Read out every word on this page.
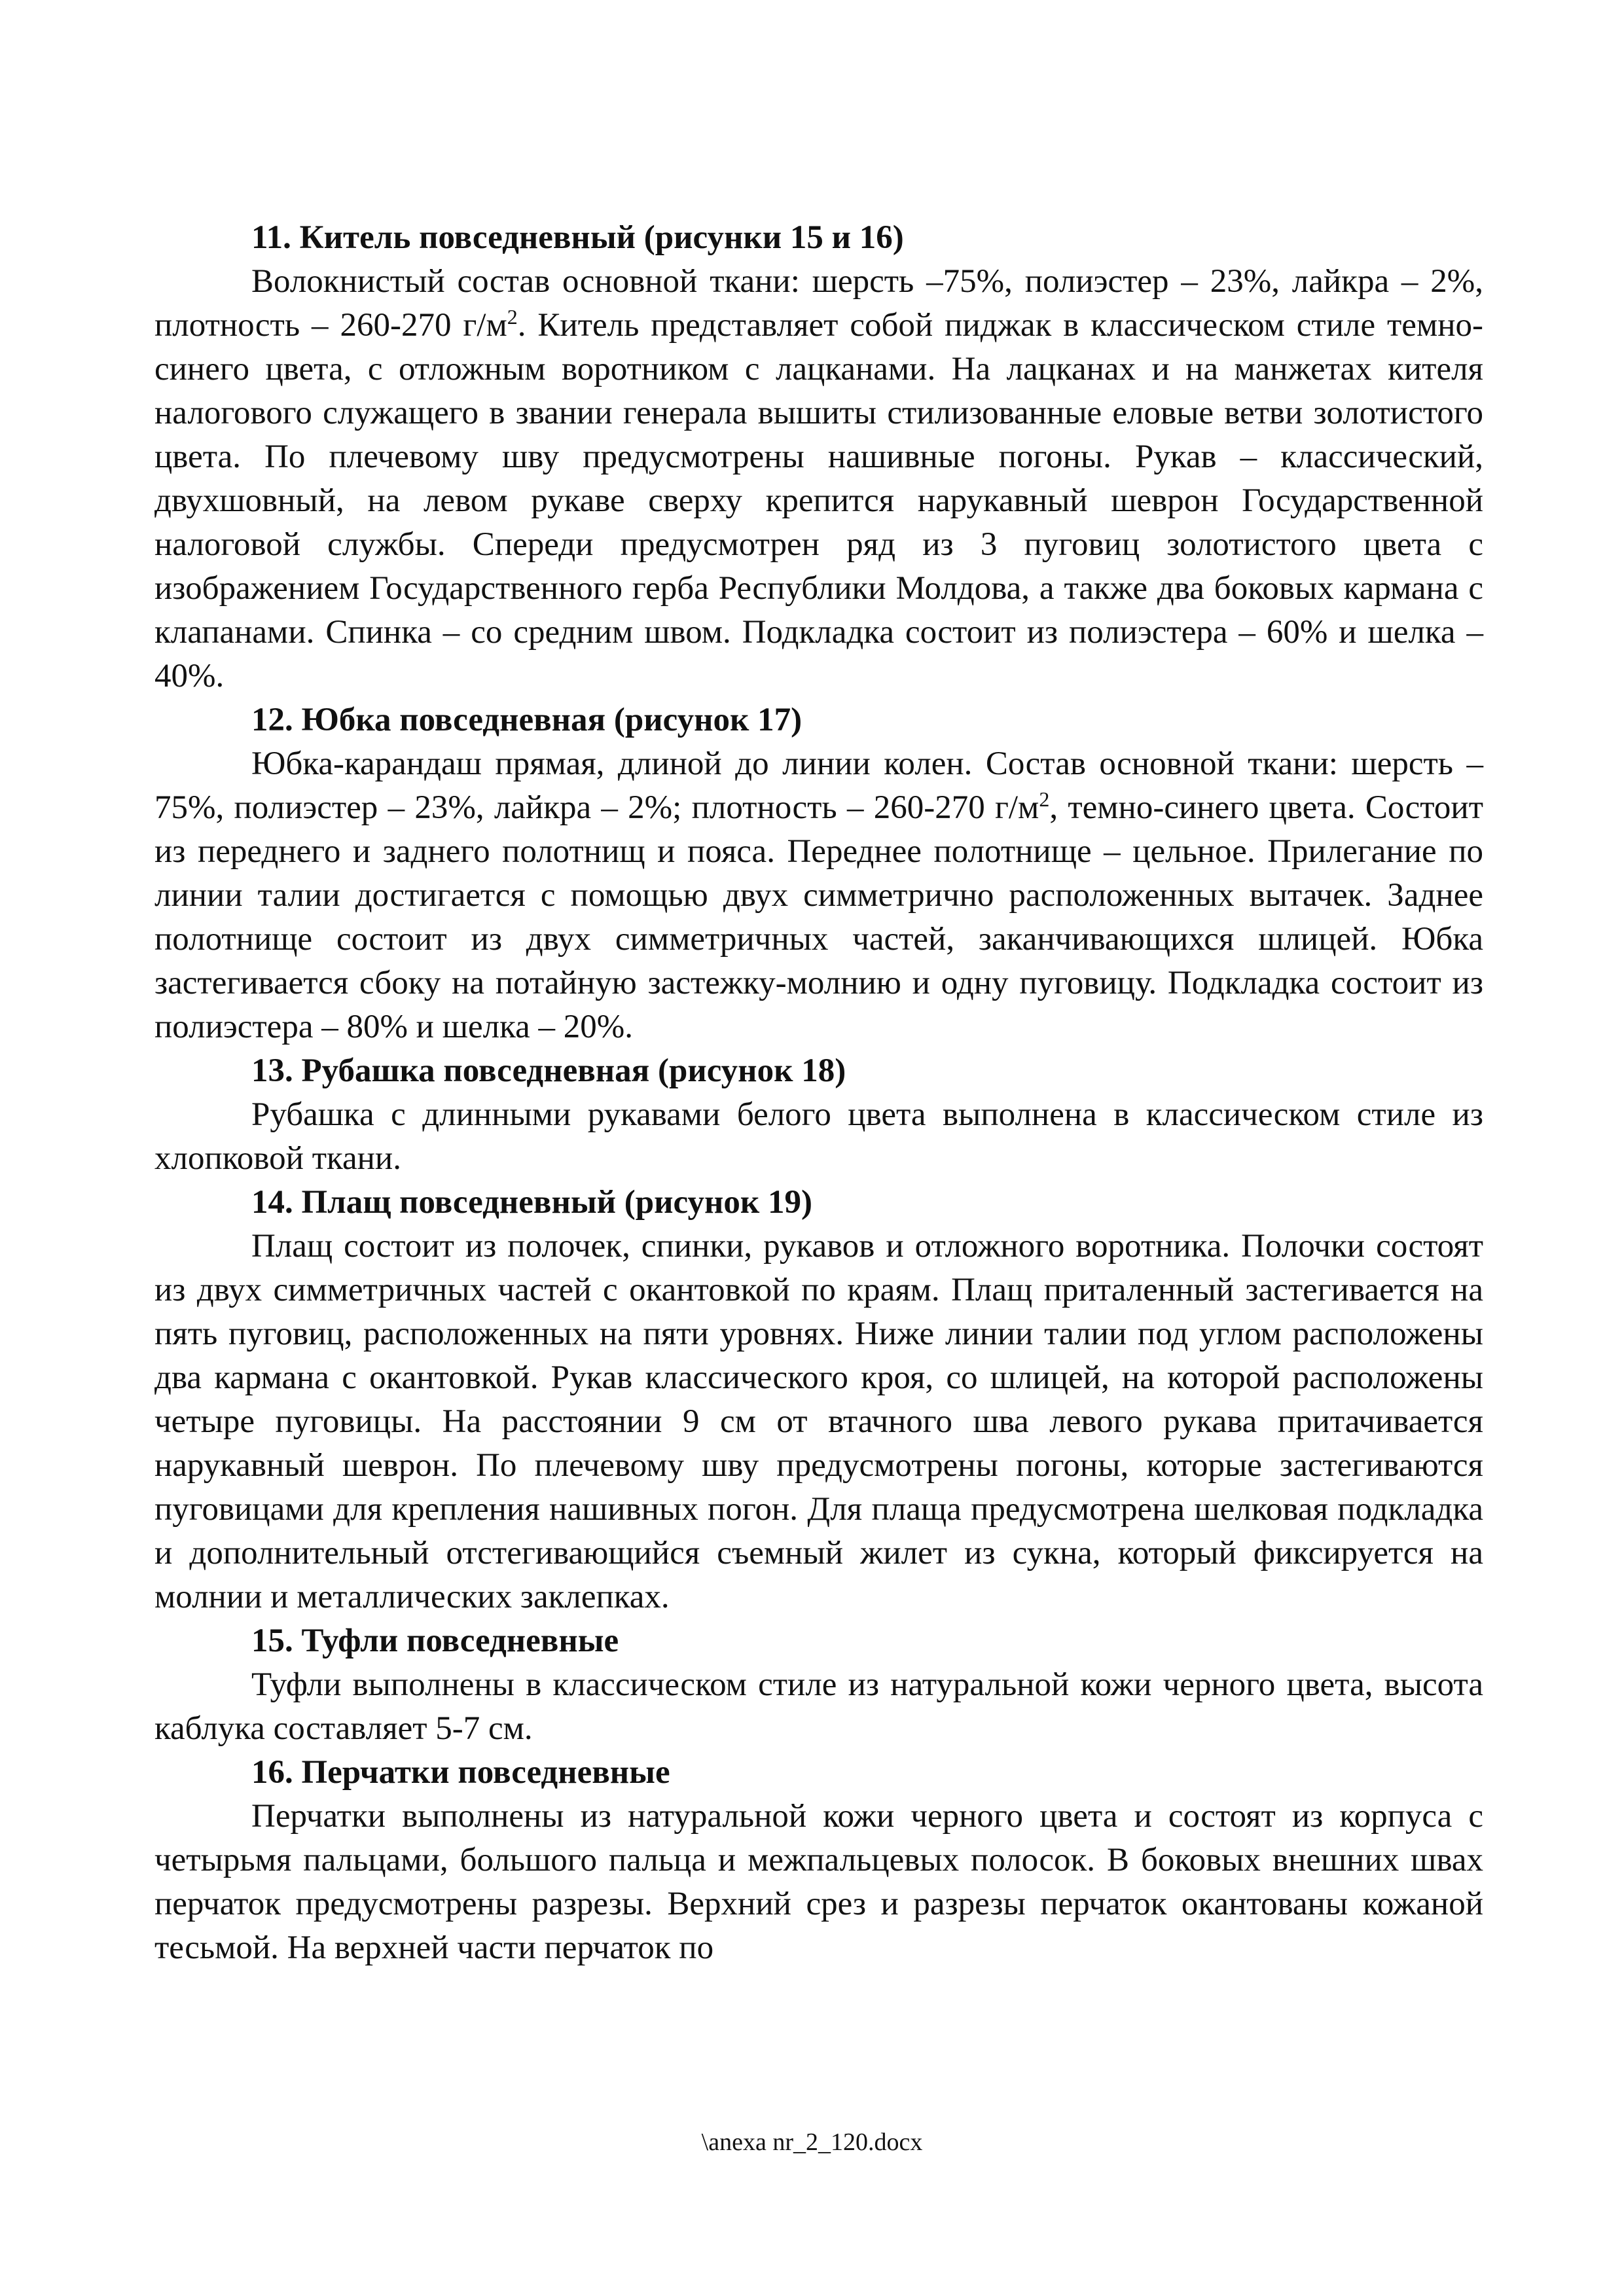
11. Китель повседневный (рисунки 15 и 16)

Волокнистый состав основной ткани: шерсть –75%, полиэстер – 23%, лайкра – 2%, плотность – 260-270 $г/м^2$. Китель представляет собой пиджак в классическом стиле темно-синего цвета, с отложным воротником с лацканами. На лацканах и на манжетах кителя налогового служащего в звании генерала вышиты стилизованные еловые ветви золотистого цвета. По плечевому шву предусмотрены нашивные погоны. Рукав – классический, двухшовный, на левом рукаве сверху крепится нарукавный шеврон Государственной налоговой службы. Спереди предусмотрен ряд из 3 пуговиц золотистого цвета с изображением Государственного герба Республики Молдова, а также два боковых кармана с клапанами. Спинка – со средним швом. Подкладка состоит из полиэстера – 60% и шелка – 40%.

12. Юбка повседневная (рисунок 17)

Юбка-карандаш прямая, длиной до линии колен. Состав основной ткани: шерсть –75%, полиэстер – 23%, лайкра – 2%; плотность – 260-270 $г/м^2$, темно-синего цвета. Состоит из переднего и заднего полотнищ и пояса. Переднее полотнище – цельное. Прилегание по линии талии достигается с помощью двух симметрично расположенных вытачек. Заднее полотнище состоит из двух симметричных частей, заканчивающихся шлицей. Юбка застегивается сбоку на потайную застежку-молнию и одну пуговицу. Подкладка состоит из полиэстера – 80% и шелка – 20%.

13. Рубашка повседневная (рисунок 18)

Рубашка с длинными рукавами белого цвета выполнена в классическом стиле из хлопковой ткани.

14. Плащ повседневный (рисунок 19)

Плащ состоит из полочек, спинки, рукавов и отложного воротника. Полочки состоят из двух симметричных частей с окантовкой по краям. Плащ приталенный застегивается на пять пуговиц, расположенных на пяти уровнях. Ниже линии талии под углом расположены два кармана с окантовкой. Рукав классического кроя, со шлицей, на которой расположены четыре пуговицы. На расстоянии 9 см от втачного шва левого рукава притачивается нарукавный шеврон. По плечевому шву предусмотрены погоны, которые застегиваются пуговицами для крепления нашивных погон. Для плаща предусмотрена шелковая подкладка и дополнительный отстегивающийся съемный жилет из сукна, который фиксируется на молнии и металлических заклепках.

15. Туфли повседневные

Туфли выполнены в классическом стиле из натуральной кожи черного цвета, высота каблука составляет 5-7 см.

16. Перчатки повседневные

Перчатки выполнены из натуральной кожи черного цвета и состоят из корпуса с четырьмя пальцами, большого пальца и межпальцевых полосок. В боковых внешних швах перчаток предусмотрены разрезы. Верхний срез и разрезы перчаток окантованы кожаной тесьмой. На верхней части перчаток по

\anexa nr_2_120.docx
